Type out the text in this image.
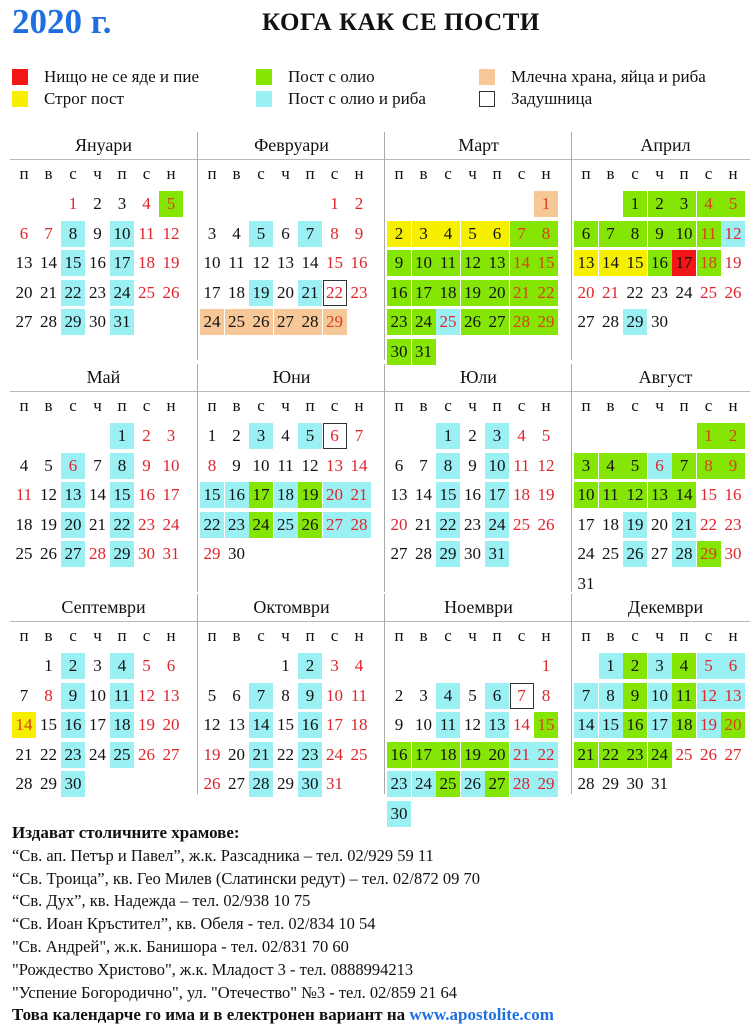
2020 г.	КОГА КАК СЕ ПОСТИ
Нищо не се яде и пие
Строг пост
Пост с олио
Пост с олио и риба
Млечна храна, яйца и риба
Задушница
Януари
п в с ч п с н
1 2 3 4 5
6 7 8 9 10 11 12
13 14 15 16 17 18 19
20 21 22 23 24 25 26
27 28 29 30 31
Февруари
п в с ч п с н
1 2
3 4 5 6 7 8 9
10 11 12 13 14 15 16
17 18 19 20 21 22 23
24 25 26 27 28 29
Март
п в с ч п с н
1
2 3 4 5 6 7 8
9 10 11 12 13 14 15
16 17 18 19 20 21 22
23 24 25 26 27 28 29
30 31
Април
п в с ч п с н
1 2 3 4 5
6 7 8 9 10 11 12
13 14 15 16 17 18 19
20 21 22 23 24 25 26
27 28 29 30
Май
п в с ч п с н
1 2 3
4 5 6 7 8 9 10
11 12 13 14 15 16 17
18 19 20 21 22 23 24
25 26 27 28 29 30 31
Юни
п в с ч п с н
1 2 3 4 5 6 7
8 9 10 11 12 13 14
15 16 17 18 19 20 21
22 23 24 25 26 27 28
29 30
Юли
п в с ч п с н
1 2 3 4 5
6 7 8 9 10 11 12
13 14 15 16 17 18 19
20 21 22 23 24 25 26
27 28 29 30 31
Август
п в с ч п с н
1 2
3 4 5 6 7 8 9
10 11 12 13 14 15 16
17 18 19 20 21 22 23
24 25 26 27 28 29 30
31
Септември
п в с ч п с н
1 2 3 4 5 6
7 8 9 10 11 12 13
14 15 16 17 18 19 20
21 22 23 24 25 26 27
28 29 30
Октомври
п в с ч п с н
1 2 3 4
5 6 7 8 9 10 11
12 13 14 15 16 17 18
19 20 21 22 23 24 25
26 27 28 29 30 31
Ноември
п в с ч п с н
1
2 3 4 5 6 7 8
9 10 11 12 13 14 15
16 17 18 19 20 21 22
23 24 25 26 27 28 29
30
Декември
п в с ч п с н
1 2 3 4 5 6
7 8 9 10 11 12 13
14 15 16 17 18 19 20
21 22 23 24 25 26 27
28 29 30 31
Издават столичните храмове:
“Св. ап. Петър и Павел”, ж.к. Разсадника – тел. 02/929 59 11
“Св. Троица”, кв. Гео Милев (Слатински редут) – тел. 02/872 09 70
“Св. Дух”, кв. Надежда – тел. 02/938 10 75
“Св. Иоан Кръстител”, кв. Обеля - тел. 02/834 10 54
"Св. Андрей", ж.к. Банишора - тел. 02/831 70 60
"Рождество Христово", ж.к. Младост 3 - тел. 0888994213
"Успение Богородично", ул. "Отечество" №3 - тел. 02/859 21 64
Това календарче го има и в електронен вариант на www.apostolite.com
